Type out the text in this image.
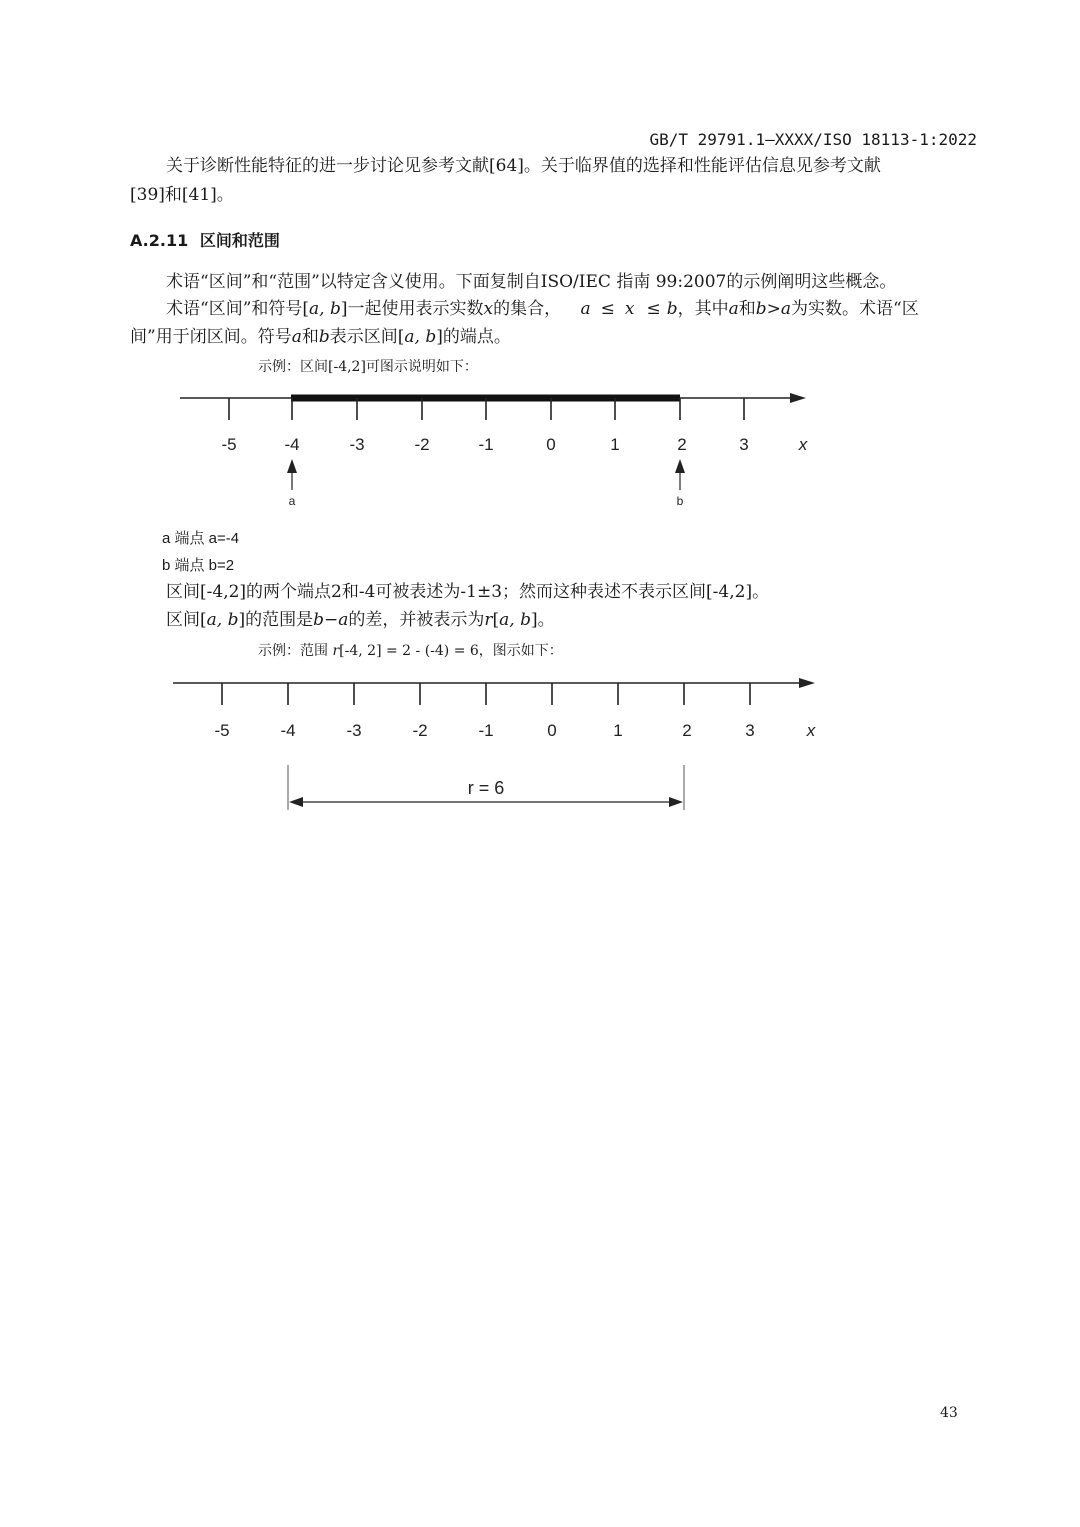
GB/T 29791.1—XXXX/ISO 18113-1:2022
关于诊断性能特征的进一步讨论见参考文献[64]。关于临界值的选择和性能评估信息见参考文献
[39]和[41]。
A.2.11 区间和范围
术语“区间”和“范围”以特定含义使用。下面复制自ISO/IEC 指南 99:2007的示例阐明这些概念。
术语“区间”和符号[a, b]一起使用表示实数x的集合， a ≤ x ≤ b，其中a和b>a为实数。术语“区
间”用于闭区间。符号a和b表示区间[a, b]的端点。
示例：区间[-4,2]可图示说明如下：
-5	-4	-3	-2	-1	0	1	2	3	x
a	b
a 端点 a=-4
b 端点 b=2
区间[-4,2]的两个端点2和-4可被表述为-1±3；然而这种表述不表示区间[-4,2]。
区间[a, b]的范围是b−a的差，并被表示为r[a, b]。
示例：范围 r[-4, 2] = 2 - (-4) = 6，图示如下：
-5	-4	-3	-2	-1	0	1	2	3	x
r = 6
43
